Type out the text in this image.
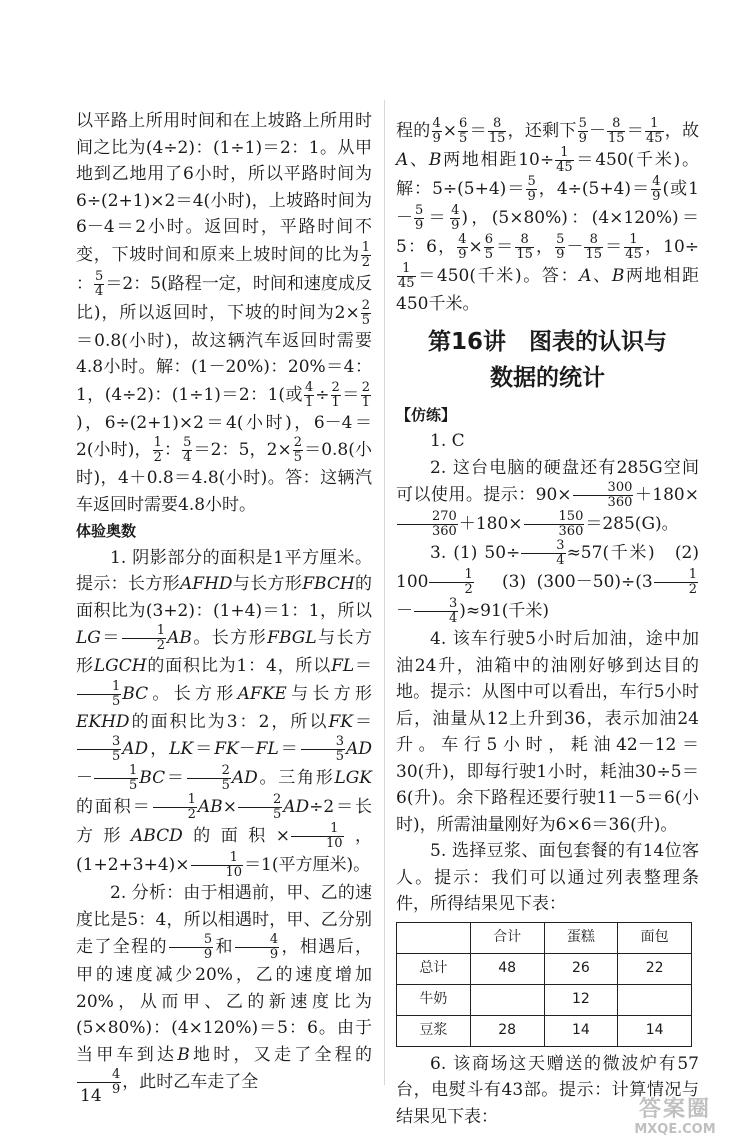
以平路上所用时间和在上坡路上所用时间之比为(4÷2)：(1÷1)＝2：1。从甲地到乙地用了6小时，所以平路时间为6÷(2+1)×2＝4(小时)，上坡路时间为6－4＝2小时。返回时，平路时间不变，下坡时间和原来上坡时间的比为 $\frac{1}{2}$
： $\frac{5}{4} =2$：5(路程一定，时间和速度成反比)，所以返回时，下坡的时间为$2\times \frac{2}{5}$
＝0.8(小时)，故这辆汽车返回时需要4.8小时。解：(1－20%)：20%＝4：1，(4÷2)：(1÷1)＝2：1(或 $\frac{4}{1} \div \frac{2}{1} = \frac{2}{1}$
)，6÷(2+1)×2＝4(小时)，6－4＝2(小时)， $\frac{1}{2}$ ： $\frac{5}{4} =2$：5，$2\times \frac{2}{5} =0.8$(小时)，4＋0.8＝4.8(小时)。答：这辆汽车返回时需要4.8小时。

体验奥数

1. 阴影部分的面积是1平方厘米。提示：长方形AFHD与长方形FBCH的面积比为(3+2)：(1+4)＝1：1，所以$LG= \frac{1}{2}$ AB。长方形FBGL与长方形LGCH的面积比为1：4，所以FL＝
$\frac{1}{5}$ BC。长方形AFKE与长方形EKHD的面积比为3：2，所以FK＝
$\frac{3}{5}$ AD，$LK=FK-FL= \frac{3}{5} AD- \frac{1}{5} BC= \frac{2}{5}$ AD。三角形LGK的面积＝ $\frac{1}{2} AB\times \frac{2}{5} AD\div 2=$长方形ABCD的面积× $\frac{1}{10}$ ，$(1+2+3+4)\times \frac{1}{10} =1$(平方厘米)。

2. 分析：由于相遇前，甲、乙的速度比是5：4，所以相遇时，甲、乙分别走了全程的 $\frac{5}{9}$ 和 $\frac{4}{9}$ ，相遇后，甲的速度减少20%，乙的速度增加20%，从而甲、乙的新速度比为(5×80%)：(4×120%)＝5：6。由于当甲车到达B地时，又走了全程的
$\frac{4}{9}$ ，此时乙车走了全

程的 $\frac{4}{9} \times \frac{6}{5} = \frac{8}{15}$ ，还剩下 $\frac{5}{9} - \frac{8}{15} = \frac{1}{45}$ ，故A、B两地相距$10\div \frac{1}{45} =450$(千米)。解：$5\div(5+4)= \frac{5}{9}$ ，$4\div(5+4)= \frac{4}{9}$ (或$1- \frac{5}{9} = \frac{4}{9}$ )，(5×80%)：(4×120%)＝5：6， $\frac{4}{9} \times \frac{6}{5} = \frac{8}{15}$ ， $\frac{5}{9} - \frac{8}{15} = \frac{1}{45}$ ，10÷
$\frac{1}{45} =450$(千米)。答：A、B两地相距450千米。

第16讲　图表的认识与
数据的统计

【仿练】

1. C

2. 这台电脑的硬盘还有285G空间可以使用。提示：$90\times \frac{300}{360} +180\times$
$\frac{270}{360} +180\times \frac{150}{360} =285(G)$。

3. (1) $50\div \frac{3}{4} \approx 57$(千米)　(2) $100 \frac{1}{2}$ 　(3) $(300-50)\div(3 \frac{1}{2}$
－ $\frac{3}{4} )\approx 91$(千米)

4. 该车行驶5小时后加油，途中加油24升，油箱中的油刚好够到达目的地。提示：从图中可以看出，车行5小时后，油量从12上升到36，表示加油24升。车行5小时，耗油42－12＝30(升)，即每行驶1小时，耗油30÷5＝6(升)。余下路程还要行驶11－5＝6(小时)，所需油量刚好为6×6＝36(升)。

5. 选择豆浆、面包套餐的有14位客人。提示：我们可以通过列表整理条件，所得结果见下表：

	合计	蛋糕	面包
总计	48	26	22
牛奶		12	
豆浆	28	14	14

6. 该商场这天赠送的微波炉有57台，电熨斗有43部。提示：计算情况与结果见下表：

14
答案圈
MXQE.COM
